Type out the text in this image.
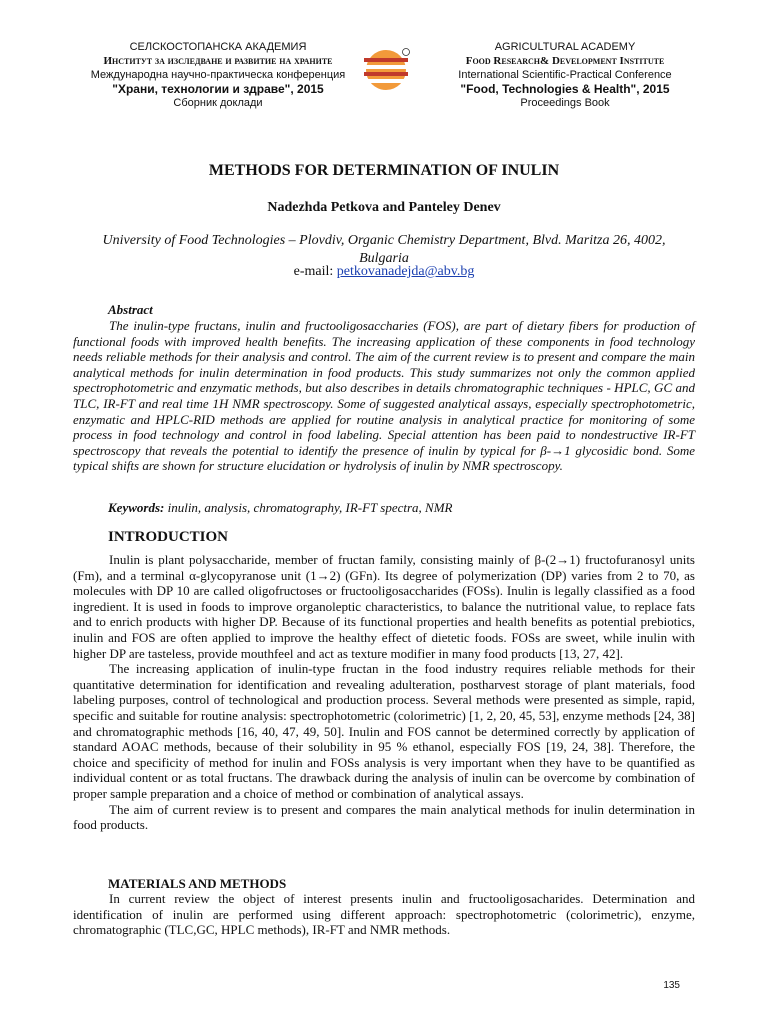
СЕЛСКОСТОПАНСКА АКАДЕМИЯ
Институт за изследване и развитие на храните
Международна научно-практическа конференция
"Храни, технологии и здраве", 2015
Сборник доклади
AGRICULTURAL ACADEMY
Food Research& Development Institute
International Scientific-Practical Conference
"Food, Technologies & Health", 2015
Proceedings Book
METHODS FOR DETERMINATION OF INULIN
Nadezhda Petkova and Panteley Denev
University of Food Technologies – Plovdiv, Organic Chemistry Department, Blvd. Maritza 26, 4002, Bulgaria
e-mail: petkovanadejda@abv.bg
Abstract

The inulin-type fructans, inulin and fructooligosaccharies (FOS), are part of dietary fibers for production of functional foods with improved health benefits. The increasing application of these components in food technology needs reliable methods for their analysis and control. The aim of the current review is to present and compare the main analytical methods for inulin determination in food products. This study summarizes not only the common applied spectrophotometric and enzymatic methods, but also describes in details chromatographic techniques - HPLC, GC and TLC, IR-FT and real time 1H NMR spectroscopy. Some of suggested analytical assays, especially spectrophotometric, enzymatic and HPLC-RID methods are applied for routine analysis in analytical practice for monitoring of some process in food technology and control in food labeling. Special attention has been paid to nondestructive IR-FT spectroscopy that reveals the potential to identify the presence of inulin by typical for β-→1 glycosidic bond. Some typical shifts are shown for structure elucidation or hydrolysis of inulin by NMR spectroscopy.

Keywords: inulin, analysis, chromatography, IR-FT spectra, NMR
INTRODUCTION

Inulin is plant polysaccharide, member of fructan family, consisting mainly of β-(2→1) fructofuranosyl units (Fm), and a terminal α-glycopyranose unit (1→2) (GFn). Its degree of polymerization (DP) varies from 2 to 70, as molecules with DP 10 are called oligofructoses or fructooligosaccharides (FOSs). Inulin is legally classified as a food ingredient. It is used in foods to improve organoleptic characteristics, to balance the nutritional value, to replace fats and to enrich products with higher DP. Because of its functional properties and health benefits as potential prebiotics, inulin and FOS are often applied to improve the healthy effect of dietetic foods. FOSs are sweet, while inulin with higher DP are tasteless, provide mouthfeel and act as texture modifier in many food products [13, 27, 42].

The increasing application of inulin-type fructan in the food industry requires reliable methods for their quantitative determination for identification and revealing adulteration, postharvest storage of plant materials, food labeling purposes, control of technological and production process. Several methods were presented as simple, rapid, specific and suitable for routine analysis: spectrophotometric (colorimetric) [1, 2, 20, 45, 53], enzyme methods [24, 38] and chromatographic methods [16, 40, 47, 49, 50]. Inulin and FOS cannot be determined correctly by application of standard AOAC methods, because of their solubility in 95 % ethanol, especially FOS [19, 24, 38]. Therefore, the choice and specificity of method for inulin and FOSs analysis is very important when they have to be quantified as individual content or as total fructans. The drawback during the analysis of inulin can be overcome by combination of proper sample preparation and a choice of method or combination of analytical assays.

The aim of current review is to present and compares the main analytical methods for inulin determination in food products.

MATERIALS AND METHODS

In current review the object of interest presents inulin and fructooligosacharides. Determination and identification of inulin are performed using different approach: spectrophotometric (colorimetric), enzyme, chromatographic (TLC,GC, HPLC methods), IR-FT and NMR methods.

135
